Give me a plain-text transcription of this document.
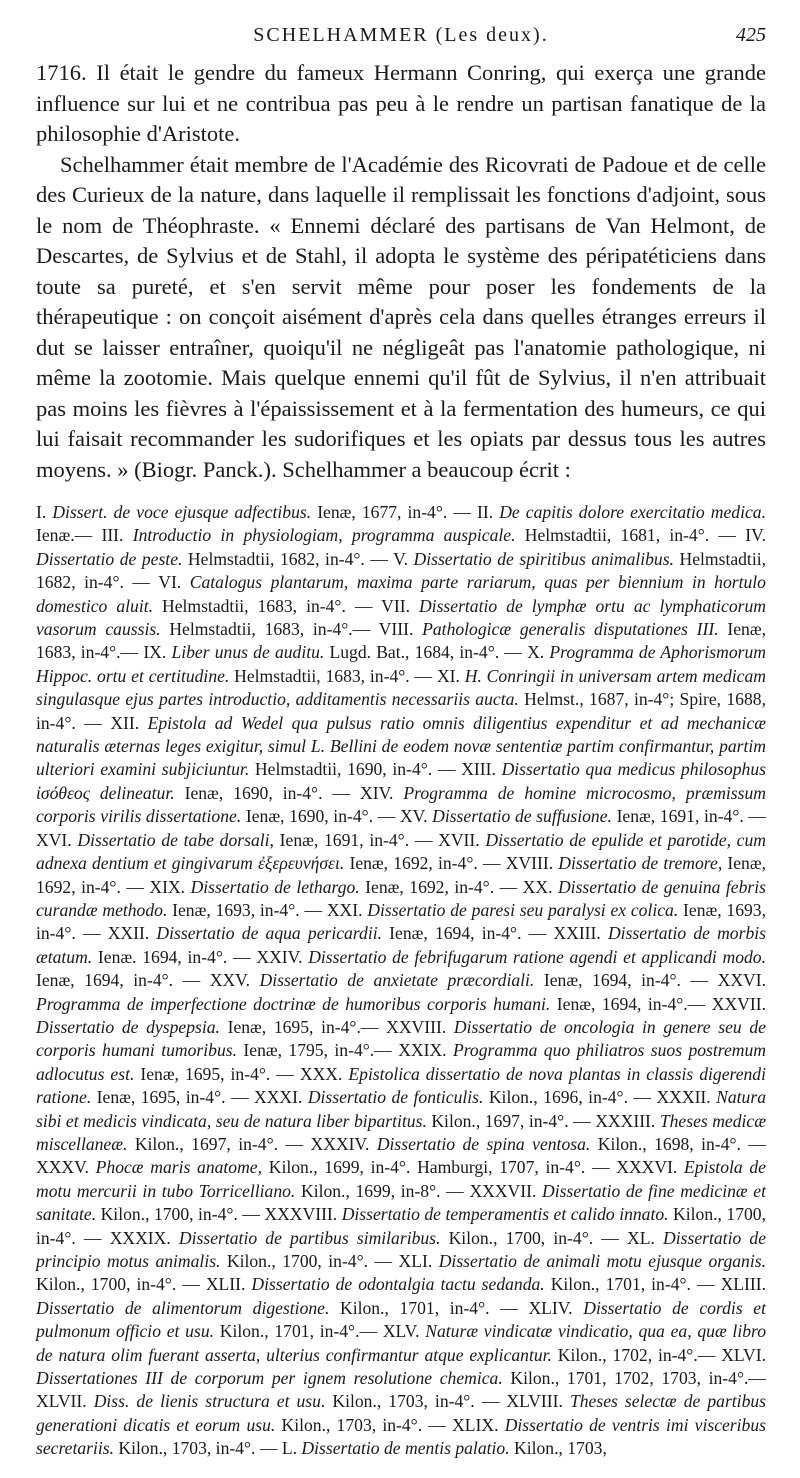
SCHELHAMMER (Les deux).	425

1716. Il était le gendre du fameux Hermann Conring, qui exerça une grande influence sur lui et ne contribua pas peu à le rendre un partisan fanatique de la philosophie d'Aristote.

Schelhammer était membre de l'Académie des Ricovrati de Padoue et de celle des Curieux de la nature, dans laquelle il remplissait les fonctions d'adjoint, sous le nom de Théophraste. « Ennemi déclaré des partisans de Van Helmont, de Descartes, de Sylvius et de Stahl, il adopta le système des péripatéticiens dans toute sa pureté, et s'en servit même pour poser les fondements de la thérapeutique : on conçoit aisément d'après cela dans quelles étranges erreurs il dut se laisser entraîner, quoiqu'il ne négligeât pas l'anatomie pathologique, ni même la zootomie. Mais quelque ennemi qu'il fût de Sylvius, il n'en attribuait pas moins les fièvres à l'épaississement et à la fermentation des humeurs, ce qui lui faisait recommander les sudorifiques et les opiats par dessus tous les autres moyens. » (Biogr. Panck.). Schelhammer a beaucoup écrit :

I. Dissert. de voce ejusque adfectibus. Ienæ, 1677, in-4°. — II. De capitis dolore exercitatio medica. Ienæ.— III. Introductio in physiologiam, programma auspicale. Helmstadtii, 1681, in-4°. — IV. Dissertatio de peste. Helmstadtii, 1682, in-4°. — V. Dissertatio de spiritibus animalibus. Helmstadtii, 1682, in-4°. — VI. Catalogus plantarum, maxima parte rariarum, quas per biennium in hortulo domestico aluit. Helmstadtii, 1683, in-4°. — VII. Dissertatio de lymphæ ortu ac lymphaticorum vasorum caussis. Helmstadtii, 1683, in-4°.— VIII. Pathologicæ generalis disputationes III. Ienæ, 1683, in-4°.— IX. Liber unus de auditu. Lugd. Bat., 1684, in-4°. — X. Programma de Aphorismorum Hippoc. ortu et certitudine. Helmstadtii, 1683, in-4°. — XI. H. Conringii in universam artem medicam singulasque ejus partes introductio, additamentis necessariis aucta. Helmst., 1687, in-4°; Spire, 1688, in-4°. — XII. Epistola ad Wedel qua pulsus ratio omnis diligentius expenditur et ad mechanicæ naturalis æternas leges exigitur, simul L. Bellini de eodem novæ sententiæ partim confirmantur, partim ulteriori examini subjiciuntur. Helmstadtii, 1690, in-4°. — XIII. Dissertatio qua medicus philosophus ἰσόθεος delineatur. Ienæ, 1690, in-4°. — XIV. Programma de homine microcosmo, præmissum corporis virilis dissertatione. Ienæ, 1690, in-4°. — XV. Dissertatio de suffusione. Ienæ, 1691, in-4°. — XVI. Dissertatio de tabe dorsali, Ienæ, 1691, in-4°. — XVII. Dissertatio de epulide et parotide, cum adnexa dentium et gingivarum ἐξερευνήσει. Ienæ, 1692, in-4°. — XVIII. Dissertatio de tremore, Ienæ, 1692, in-4°. — XIX. Dissertatio de lethargo. Ienæ, 1692, in-4°. — XX. Dissertatio de genuina febris curandæ methodo. Ienæ, 1693, in-4°. — XXI. Dissertatio de paresi seu paralysi ex colica. Ienæ, 1693, in-4°. — XXII. Dissertatio de aqua pericardii. Ienæ, 1694, in-4°. — XXIII. Dissertatio de morbis ætatum. Ienæ. 1694, in-4°. — XXIV. Dissertatio de febrifugarum ratione agendi et applicandi modo. Ienæ, 1694, in-4°. — XXV. Dissertatio de anxietate præcordiali. Ienæ, 1694, in-4°. — XXVI. Programma de imperfectione doctrinæ de humoribus corporis humani. Ienæ, 1694, in-4°.— XXVII. Dissertatio de dyspepsia. Ienæ, 1695, in-4°.— XXVIII. Dissertatio de oncologia in genere seu de corporis humani tumoribus. Ienæ, 1795, in-4°.— XXIX. Programma quo philiatros suos postremum adlocutus est. Ienæ, 1695, in-4°. — XXX. Epistolica dissertatio de nova plantas in classis digerendi ratione. Ienæ, 1695, in-4°. — XXXI. Dissertatio de fonticulis. Kilon., 1696, in-4°. — XXXII. Natura sibi et medicis vindicata, seu de natura liber bipartitus. Kilon., 1697, in-4°. — XXXIII. Theses medicæ miscellaneæ. Kilon., 1697, in-4°. — XXXIV. Dissertatio de spina ventosa. Kilon., 1698, in-4°. — XXXV. Phocæ maris anatome, Kilon., 1699, in-4°. Hamburgi, 1707, in-4°. — XXXVI. Epistola de motu mercurii in tubo Torricelliano. Kilon., 1699, in-8°. — XXXVII. Dissertatio de fine medicinæ et sanitate. Kilon., 1700, in-4°. — XXXVIII. Dissertatio de temperamentis et calido innato. Kilon., 1700, in-4°. — XXXIX. Dissertatio de partibus similaribus. Kilon., 1700, in-4°. — XL. Dissertatio de principio motus animalis. Kilon., 1700, in-4°. — XLI. Dissertatio de animali motu ejusque organis. Kilon., 1700, in-4°. — XLII. Dissertatio de odontalgia tactu sedanda. Kilon., 1701, in-4°. — XLIII. Dissertatio de alimentorum digestione. Kilon., 1701, in-4°. — XLIV. Dissertatio de cordis et pulmonum officio et usu. Kilon., 1701, in-4°.— XLV. Naturæ vindicatæ vindicatio, qua ea, quæ libro de natura olim fuerant asserta, ulterius confirmantur atque explicantur. Kilon., 1702, in-4°.— XLVI. Dissertationes III de corporum per ignem resolutione chemica. Kilon., 1701, 1702, 1703, in-4°.— XLVII. Diss. de lienis structura et usu. Kilon., 1703, in-4°. — XLVIII. Theses selectæ de partibus generationi dicatis et eorum usu. Kilon., 1703, in-4°. — XLIX. Dissertatio de ventris imi visceribus secretariis. Kilon., 1703, in-4°. — L. Dissertatio de mentis palatio. Kilon., 1703,
